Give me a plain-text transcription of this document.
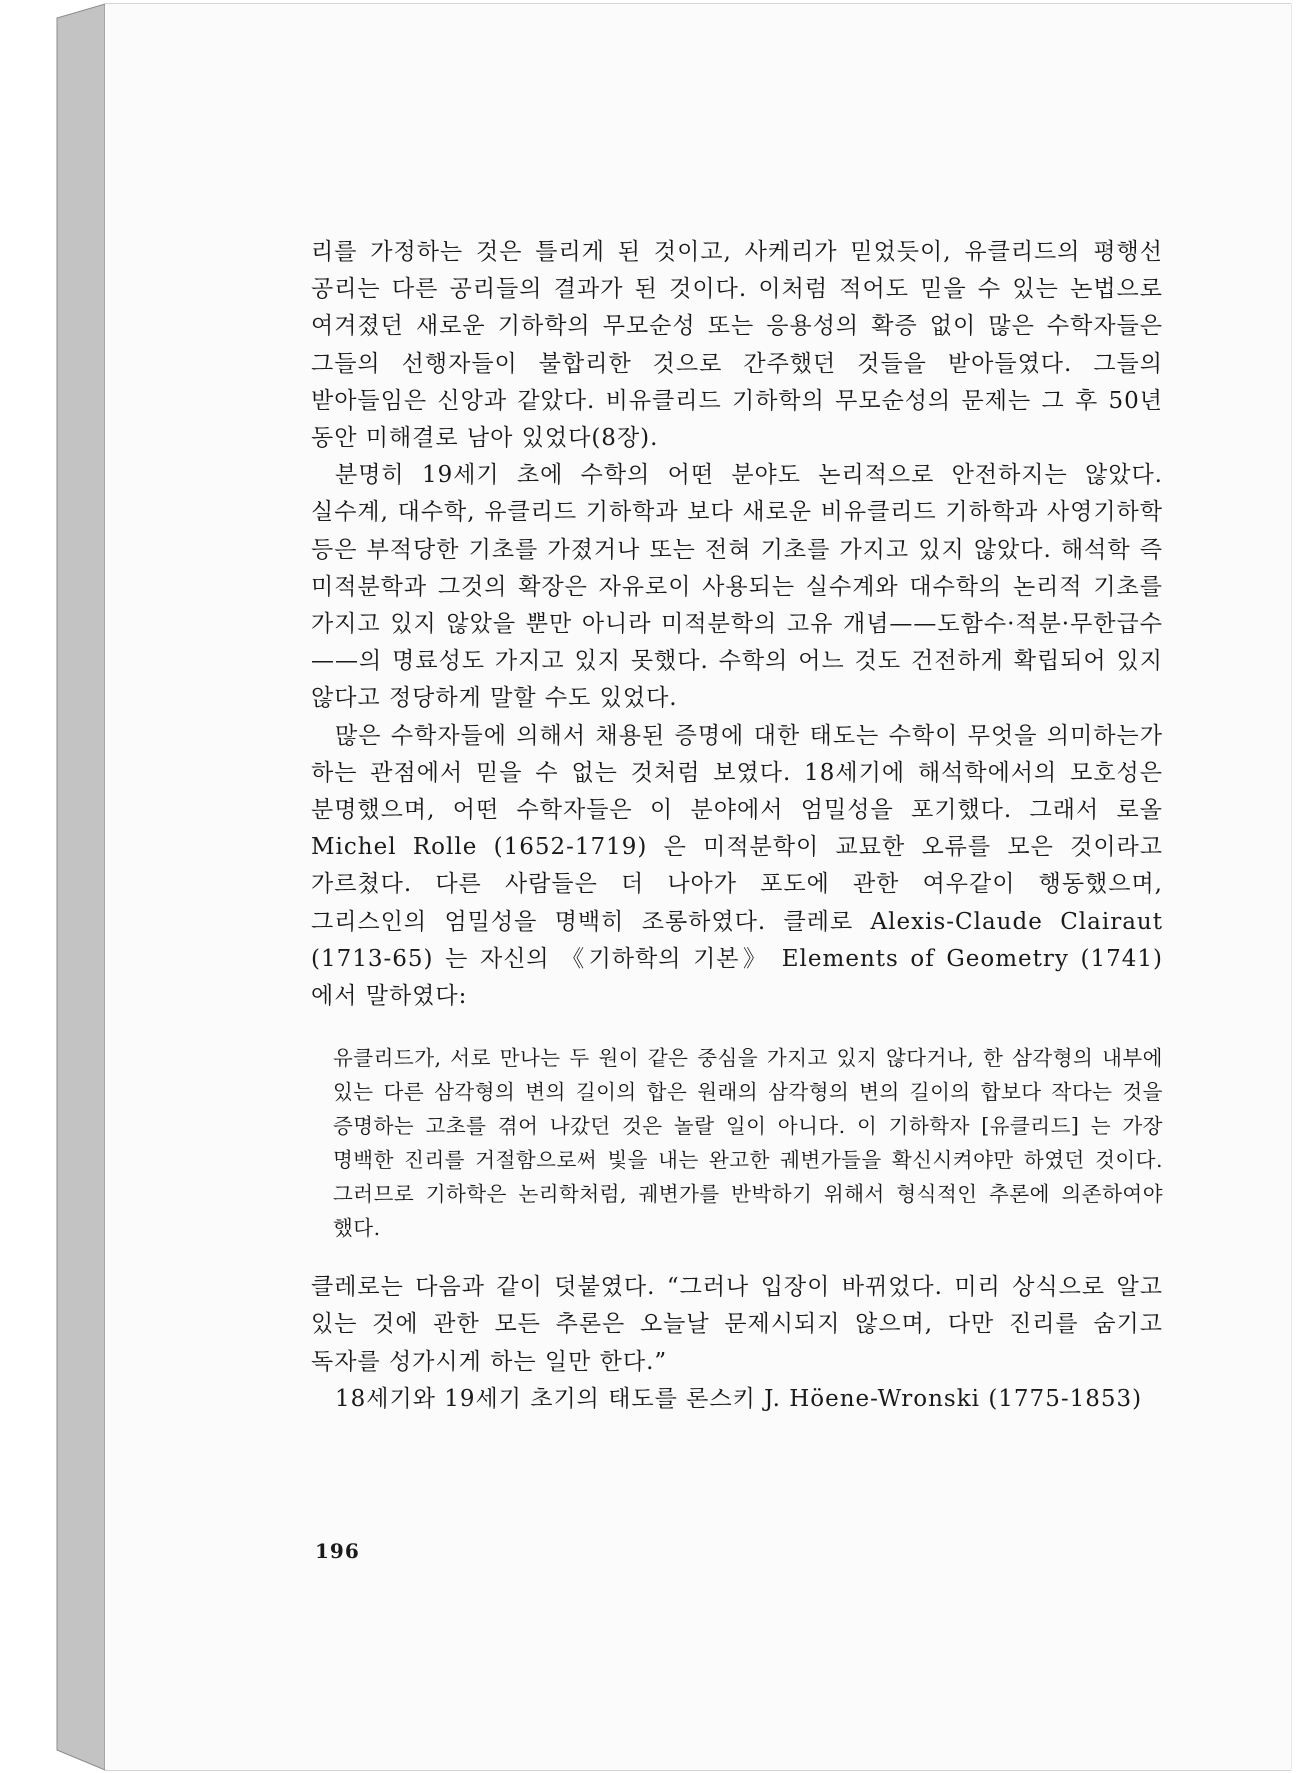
리를 가정하는 것은 틀리게 된 것이고, 사케리가 믿었듯이, 유클리드의 평행선 공리는 다른 공리들의 결과가 된 것이다. 이처럼 적어도 믿을 수 있는 논법으로 여겨졌던 새로운 기하학의 무모순성 또는 응용성의 확증 없이 많은 수학자들은 그들의 선행자들이 불합리한 것으로 간주했던 것들을 받아들였다. 그들의 받아들임은 신앙과 같았다. 비유클리드 기하학의 무모순성의 문제는 그 후 50년 동안 미해결로 남아 있었다(8장).

분명히 19세기 초에 수학의 어떤 분야도 논리적으로 안전하지는 않았다. 실수계, 대수학, 유클리드 기하학과 보다 새로운 비유클리드 기하학과 사영기하학 등은 부적당한 기초를 가졌거나 또는 전혀 기초를 가지고 있지 않았다. 해석학 즉 미적분학과 그것의 확장은 자유로이 사용되는 실수계와 대수학의 논리적 기초를 가지고 있지 않았을 뿐만 아니라 미적분학의 고유 개념——도함수·적분·무한급수——의 명료성도 가지고 있지 못했다. 수학의 어느 것도 건전하게 확립되어 있지 않다고 정당하게 말할 수도 있었다.

많은 수학자들에 의해서 채용된 증명에 대한 태도는 수학이 무엇을 의미하는가 하는 관점에서 믿을 수 없는 것처럼 보였다. 18세기에 해석학에서의 모호성은 분명했으며, 어떤 수학자들은 이 분야에서 엄밀성을 포기했다. 그래서 로올 Michel Rolle (1652-1719) 은 미적분학이 교묘한 오류를 모은 것이라고 가르쳤다. 다른 사람들은 더 나아가 포도에 관한 여우같이 행동했으며, 그리스인의 엄밀성을 명백히 조롱하였다. 클레로 Alexis-Claude Clairaut (1713-65) 는 자신의 《기하학의 기본》 Elements of Geometry (1741) 에서 말하였다:

유클리드가, 서로 만나는 두 원이 같은 중심을 가지고 있지 않다거나, 한 삼각형의 내부에 있는 다른 삼각형의 변의 길이의 합은 원래의 삼각형의 변의 길이의 합보다 작다는 것을 증명하는 고초를 겪어 나갔던 것은 놀랄 일이 아니다. 이 기하학자 [유클리드] 는 가장 명백한 진리를 거절함으로써 빛을 내는 완고한 궤변가들을 확신시켜야만 하였던 것이다. 그러므로 기하학은 논리학처럼, 궤변가를 반박하기 위해서 형식적인 추론에 의존하여야 했다.

클레로는 다음과 같이 덧붙였다. “그러나 입장이 바뀌었다. 미리 상식으로 알고 있는 것에 관한 모든 추론은 오늘날 문제시되지 않으며, 다만 진리를 숨기고 독자를 성가시게 하는 일만 한다.”

18세기와 19세기 초기의 태도를 론스키 J. Höene-Wronski (1775-1853)

196
